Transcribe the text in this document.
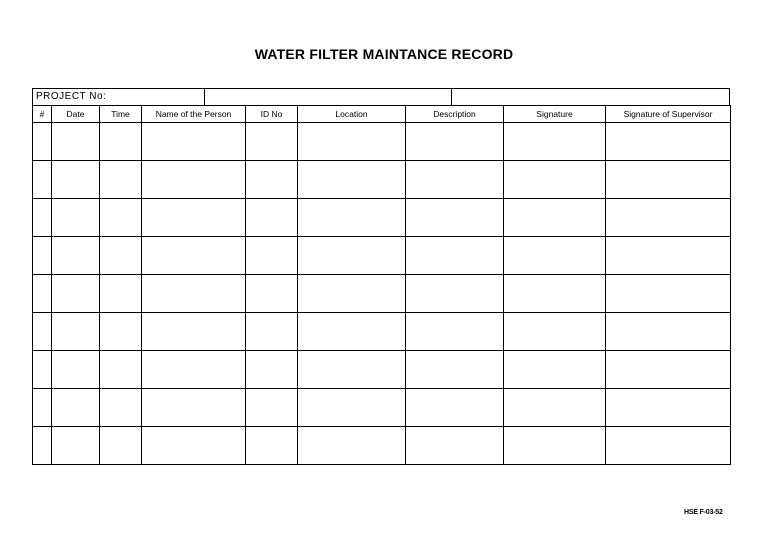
WATER FILTER MAINTANCE RECORD
PROJECT No:
#	Date	Time	Name of the Person	ID No	Location	Description	Signature	Signature of Supervisor

HSE F-03-52
